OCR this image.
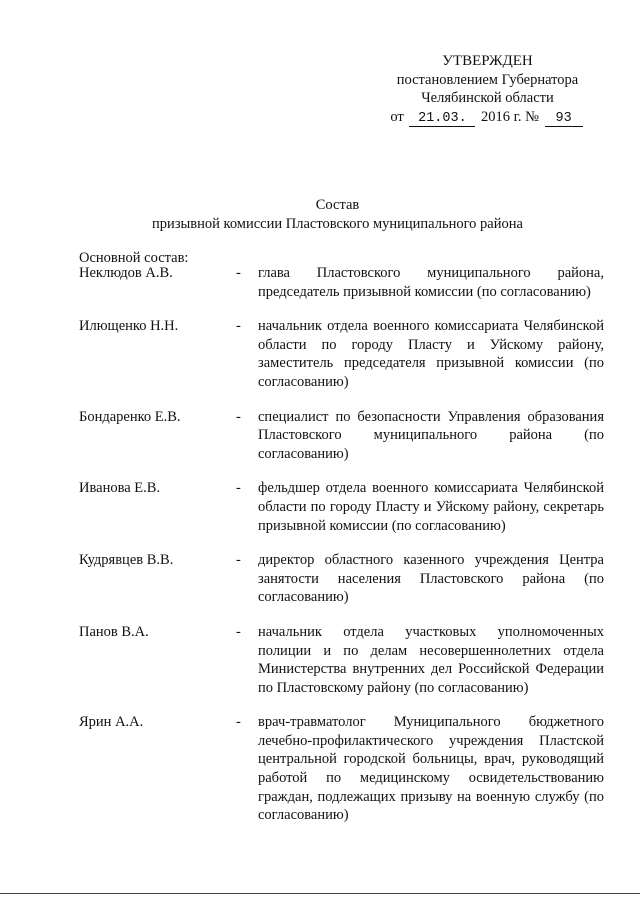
УТВЕРЖДЕН
постановлением Губернатора
Челябинской области
от 21.03. 2016 г. № 93
Состав
призывной комиссии Пластовского муниципального района
Основной состав:
Неклюдов А.В.	-	глава Пластовского муниципального района, председатель призывной комиссии (по согласованию)
Илющенко Н.Н.	-	начальник отдела военного комиссариата Челябинской области по городу Пласту и Уйскому району, заместитель председателя призывной комиссии (по согласованию)
Бондаренко Е.В.	-	специалист по безопасности Управления образования Пластовского муниципального района (по согласованию)
Иванова Е.В.	-	фельдшер отдела военного комиссариата Челябинской области по городу Пласту и Уйскому району, секретарь призывной комиссии (по согласованию)
Кудрявцев В.В.	-	директор областного казенного учреждения Центра занятости населения Пластовского района (по согласованию)
Панов В.А.	-	начальник отдела участковых уполномоченных полиции и по делам несовершеннолетних отдела Министерства внутренних дел Российской Федерации по Пластовскому району (по согласованию)
Ярин А.А.	-	врач-травматолог Муниципального бюджетного лечебно-профилактического учреждения Пластской центральной городской больницы, врач, руководящий работой по медицинскому освидетельствованию граждан, подлежащих призыву на военную службу (по согласованию)
